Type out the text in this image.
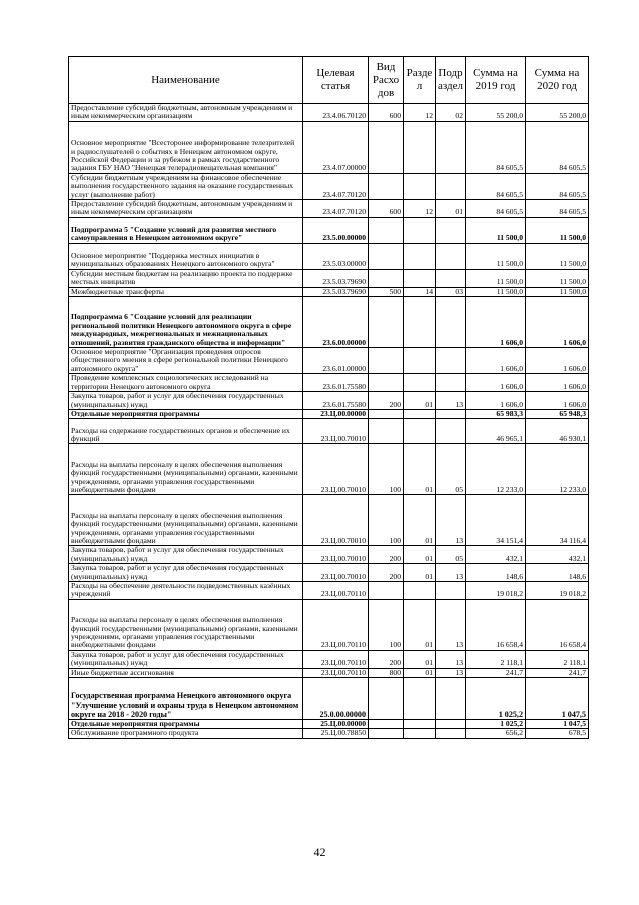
Наименование	Целевая статья	Вид Расхо дов	Разде л	Подр аздел	Сумма на 2019 год	Сумма на 2020 год
Предоставление субсидий бюджетным, автономным учреждениям и иным некоммерческим организациям	23.4.06.70120	600	12	02	55 200,0	55 200,0
Основное мероприятие "Всесторонее информирование телезрителей и радиослушателей о событиях в Ненецком автономном округе, Российской Федерации и за рубежом в рамках государственного задания ГБУ НАО "Ненецкая телерадиовещательная компания"	23.4.07.00000				84 605,5	84 605,5
Субсидии бюджетным учреждениям на финансовое обеспечение выполнения государственного задания на оказание государственных услуг (выполнение работ)	23.4.07.70120				84 605,5	84 605,5
Предоставление субсидий бюджетным, автономным учреждениям и иным некоммерческим организациям	23.4.07.70120	600	12	01	84 605,5	84 605,5
Подпрограмма 5 "Создание условий для развития местного самоуправления в Ненецком автономном округе"	23.5.00.00000				11 500,0	11 500,0
Основное мероприятие "Поддержка местных инициатив в муниципальных образованиях Ненецкого автономного округа"	23.5.03.00000				11 500,0	11 500,0
Субсидии местным бюджетам на реализацию проекта по поддержке местных инициатив	23.5.03.79690				11 500,0	11 500,0
Межбюджетные трансферты	23.5.03.79690	500	14	03	11 500,0	11 500,0
Подпрограмма 6 "Создание условий для реализации региональной политики Ненецкого автономного округа в сфере международных, межрегиональных и межнациональных отношений, развития гражданского общества и информации"	23.6.00.00000				1 606,0	1 606,0
Основное мероприятие "Организация проведения опросов общественного мнения в сфере региональной политики Ненецкого автономного округа"	23.6.01.00000				1 606,0	1 606,0
Проведение комплексных социологических исследований на территории Ненецкого автономного округа	23.6.01.75580				1 606,0	1 606,0
Закупка товаров, работ и услуг для обеспечения государственных (муниципальных) нужд	23.6.01.75580	200	01	13	1 606,0	1 606,0
Отдельные мероприятия программы	23.Ц.00.00000				65 983,3	65 948,3
Расходы на содержание государственных органов и обеспечение их функций	23.Ц.00.70010				46 965,1	46 930,1
Расходы на выплаты персоналу в целях обеспечения выполнения функций государственными (муниципальными) органами, казенными учреждениями, органами управления государственными внебюджетными фондами	23.Ц.00.70010	100	01	05	12 233,0	12 233,0
Расходы на выплаты персоналу в целях обеспечения выполнения функций государственными (муниципальными) органами, казенными учреждениями, органами управления государственными внебюджетными фондами	23.Ц.00.70010	100	01	13	34 151,4	34 116,4
Закупка товаров, работ и услуг для обеспечения государственных (муниципальных) нужд	23.Ц.00.70010	200	01	05	432,1	432,1
Закупка товаров, работ и услуг для обеспечения государственных (муниципальных) нужд	23.Ц.00.70010	200	01	13	148,6	148,6
Расходы на обеспечение деятельности подведомственных казённых учреждений	23.Ц.00.70110				19 018,2	19 018,2
Расходы на выплаты персоналу в целях обеспечения выполнения функций государственными (муниципальными) органами, казенными учреждениями, органами управления государственными внебюджетными фондами	23.Ц.00.70110	100	01	13	16 658,4	16 658,4
Закупка товаров, работ и услуг для обеспечения государственных (муниципальных) нужд	23.Ц.00.70110	200	01	13	2 118,1	2 118,1
Иные бюджетные ассигнования	23.Ц.00.70110	800	01	13	241,7	241,7
Государственная программа Ненецкого автономного округа "Улучшение условий и охраны труда в Ненецком автономном округе на 2018 - 2020 годы"	25.0.00.00000				1 025,2	1 047,5
Отдельные мероприятия программы	25.Ц.00.00000				1 025,2	1 047,5
Обслуживание программного продукта	25.Ц.00.78850				656,2	678,5
42
